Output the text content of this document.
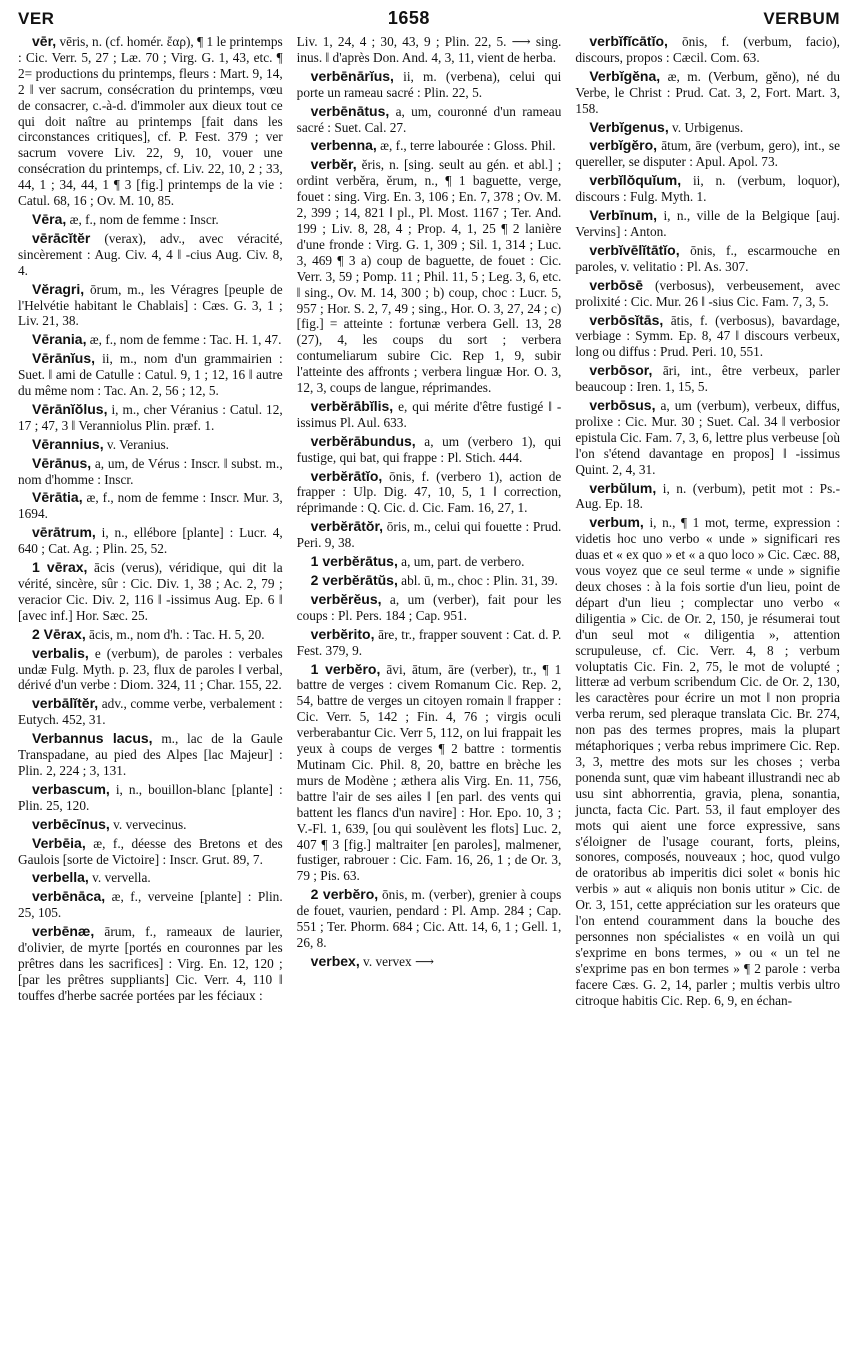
VER	1658	VERBUM

vēr, vēris, n. (cf. homér. ἔαρ), ¶ 1 le printemps : Cic. Verr. 5, 27 ; Læ. 70 ; Virg. G. 1, 43, etc. ¶ 2= productions du printemps, fleurs : Mart. 9, 14, 2 ‖ ver sacrum, consécration du printemps, vœu de consacrer, c.-à-d. d'immoler aux dieux tout ce qui doit naître au printemps [fait dans les circonstances critiques], cf. P. Fest. 379 ; ver sacrum vovere Liv. 22, 9, 10, vouer une consécration du printemps, cf. Liv. 22, 10, 2 ; 33, 44, 1 ; 34, 44, 1 ¶ 3 [fig.] printemps de la vie : Catul. 68, 16 ; Ov. M. 10, 85.

Vēra, æ, f., nom de femme : Inscr.

vērācĭtĕr (verax), adv., avec véracité, sincèrement : Aug. Civ. 4, 4 ‖ -cius Aug. Civ. 8, 4.

Vĕragri, ōrum, m., les Véragres [peuple de l'Helvétie habitant le Chablais] : Cæs. G. 3, 1 ; Liv. 21, 38.

Vērania, æ, f., nom de femme : Tac. H. 1, 47.

Vērānĭus, ii, m., nom d'un grammairien : Suet. ‖ ami de Catulle : Catul. 9, 1 ; 12, 16 ‖ autre du même nom : Tac. An. 2, 56 ; 12, 5.

Vērānĭŏlus, i, m., cher Véranius : Catul. 12, 17 ; 47, 3 ‖ Veranniolus Plin. præf. 1.

Vērannius, v. Veranius.

Vērānus, a, um, de Vérus : Inscr. ‖ subst. m., nom d'homme : Inscr.

Vērātia, æ, f., nom de femme : Inscr. Mur. 3, 1694.

vērātrum, i, n., ellébore [plante] : Lucr. 4, 640 ; Cat. Ag. ; Plin. 25, 52.

1 vērax, ācis (verus), véridique, qui dit la vérité, sincère, sûr : Cic. Div. 1, 38 ; Ac. 2, 79 ; veracior Cic. Div. 2, 116 ‖ -issimus Aug. Ep. 6 ‖ [avec inf.] Hor. Sæc. 25.

2 Vērax, ācis, m., nom d'h. : Tac. H. 5, 20.

verbalis, e (verbum), de paroles : verbales undæ Fulg. Myth. p. 23, flux de paroles ‖ verbal, dérivé d'un verbe : Diom. 324, 11 ; Char. 155, 22.

verbālĭtĕr, adv., comme verbe, verbalement : Eutych. 452, 31.

Verbannus lacus, m., lac de la Gaule Transpadane, au pied des Alpes [lac Majeur] : Plin. 2, 224 ; 3, 131.

verbascum, i, n., bouillon-blanc [plante] : Plin. 25, 120.

verbēcīnus, v. vervecinus.

Verbēia, æ, f., déesse des Bretons et des Gaulois [sorte de Victoire] : Inscr. Grut. 89, 7.

verbella, v. vervella.

verbēnāca, æ, f., verveine [plante] : Plin. 25, 105.

verbēnæ, ārum, f., rameaux de laurier, d'olivier, de myrte [portés en couronnes par les prêtres dans les sacrifices] : Virg. En. 12, 120 ; [par les prêtres suppliants] Cic. Verr. 4, 110 ‖ touffes d'herbe sacrée portées par les féciaux :

Liv. 1, 24, 4 ; 30, 43, 9 ; Plin. 22, 5. ⟶ sing. inus. ‖ d'après Don. And. 4, 3, 11, vient de herba.

verbēnārĭus, ii, m. (verbena), celui qui porte un rameau sacré : Plin. 22, 5.

verbēnātus, a, um, couronné d'un rameau sacré : Suet. Cal. 27.

verbenna, æ, f., terre labourée : Gloss. Phil.

verbĕr, ĕris, n. [sing. seult au gén. et abl.] ; ordint verbĕra, ĕrum, n., ¶ 1 baguette, verge, fouet : sing. Virg. En. 3, 106 ; En. 7, 378 ; Ov. M. 2, 399 ; 14, 821 ‖ pl., Pl. Most. 1167 ; Ter. And. 199 ; Liv. 8, 28, 4 ; Prop. 4, 1, 25 ¶ 2 lanière d'une fronde : Virg. G. 1, 309 ; Sil. 1, 314 ; Luc. 3, 469 ¶ 3 a) coup de baguette, de fouet : Cic. Verr. 3, 59 ; Pomp. 11 ; Phil. 11, 5 ; Leg. 3, 6, etc. ‖ sing., Ov. M. 14, 300 ; b) coup, choc : Lucr. 5, 957 ; Hor. S. 2, 7, 49 ; sing., Hor. O. 3, 27, 24 ; c) [fig.] = atteinte : fortunæ verbera Gell. 13, 28 (27), 4, les coups du sort ; verbera contumeliarum subire Cic. Rep 1, 9, subir l'atteinte des affronts ; verbera linguæ Hor. O. 3, 12, 3, coups de langue, réprimandes.

verbĕrābĭlis, e, qui mérite d'être fustigé ‖ -issimus Pl. Aul. 633.

verbĕrābundus, a, um (verbero 1), qui fustige, qui bat, qui frappe : Pl. Stich. 444.

verbĕrātĭo, ōnis, f. (verbero 1), action de frapper : Ulp. Dig. 47, 10, 5, 1 ‖ correction, réprimande : Q. Cic. d. Cic. Fam. 16, 27, 1.

verbĕrātŏr, ōris, m., celui qui fouette : Prud. Peri. 9, 38.

1 verbĕrātus, a, um, part. de verbero.

2 verbĕrātŭs, abl. ū, m., choc : Plin. 31, 39.

verbĕrĕus, a, um (verber), fait pour les coups : Pl. Pers. 184 ; Cap. 951.

verbĕrito, āre, tr., frapper souvent : Cat. d. P. Fest. 379, 9.

1 verbĕro, āvi, ātum, āre (verber), tr., ¶ 1 battre de verges : civem Romanum Cic. Rep. 2, 54, battre de verges un citoyen romain ‖ frapper : Cic. Verr. 5, 142 ; Fin. 4, 76 ; virgis oculi verberabantur Cic. Verr 5, 112, on lui frappait les yeux à coups de verges ¶ 2 battre : tormentis Mutinam Cic. Phil. 8, 20, battre en brèche les murs de Modène ; æthera alis Virg. En. 11, 756, battre l'air de ses ailes ‖ [en parl. des vents qui battent les flancs d'un navire] : Hor. Epo. 10, 3 ; V.-Fl. 1, 639, [ou qui soulèvent les flots] Luc. 2, 407 ¶ 3 [fig.] maltraiter [en paroles], malmener, fustiger, rabrouer : Cic. Fam. 16, 26, 1 ; de Or. 3, 79 ; Pis. 63.

2 verbĕro, ōnis, m. (verber), grenier à coups de fouet, vaurien, pendard : Pl. Amp. 284 ; Cap. 551 ; Ter. Phorm. 684 ; Cic. Att. 14, 6, 1 ; Gell. 1, 26, 8.

verbex, v. vervex ⟶

verbĭfĭcātĭo, ōnis, f. (verbum, facio), discours, propos : Cæcil. Com. 63.

Verbĭgĕna, æ, m. (Verbum, gĕno), né du Verbe, le Christ : Prud. Cat. 3, 2, Fort. Mart. 3, 158.

Verbĭgenus, v. Urbigenus.

verbĭgĕro, ātum, āre (verbum, gero), int., se quereller, se disputer : Apul. Apol. 73.

verbĭlŏquĭum, ii, n. (verbum, loquor), discours : Fulg. Myth. 1.

Verbīnum, i, n., ville de la Belgique [auj. Vervins] : Anton.

verbĭvēlĭtātĭo, ōnis, f., escarmouche en paroles, v. velitatio : Pl. As. 307.

verbōsē (verbosus), verbeusement, avec prolixité : Cic. Mur. 26 ‖ -sius Cic. Fam. 7, 3, 5.

verbōsĭtās, ātis, f. (verbosus), bavardage, verbiage : Symm. Ep. 8, 47 ‖ discours verbeux, long ou diffus : Prud. Peri. 10, 551.

verbōsor, āri, int., être verbeux, parler beaucoup : Iren. 1, 15, 5.

verbōsus, a, um (verbum), verbeux, diffus, prolixe : Cic. Mur. 30 ; Suet. Cal. 34 ‖ verbosior epistula Cic. Fam. 7, 3, 6, lettre plus verbeuse [où l'on s'étend davantage en propos] ‖ -issimus Quint. 2, 4, 31.

verbŭlum, i, n. (verbum), petit mot : Ps.-Aug. Ep. 18.

verbum, i, n., ¶ 1 mot, terme, expression : videtis hoc uno verbo « unde » significari res duas et « ex quo » et « a quo loco » Cic. Cæc. 88, vous voyez que ce seul terme « unde » signifie deux choses : à la fois sortie d'un lieu, point de départ d'un lieu ; complectar uno verbo « diligentia » Cic. de Or. 2, 150, je résumerai tout d'un seul mot « diligentia », attention scrupuleuse, cf. Cic. Verr. 4, 8 ; verbum voluptatis Cic. Fin. 2, 75, le mot de volupté ; litteræ ad verbum scribendum Cic. de Or. 2, 130, les caractères pour écrire un mot ‖ non propria verba rerum, sed pleraque translata Cic. Br. 274, non pas des termes propres, mais la plupart métaphoriques ; verba rebus imprimere Cic. Rep. 3, 3, mettre des mots sur les choses ; verba ponenda sunt, quæ vim habeant illustrandi nec ab usu sint abhorrentia, gravia, plena, sonantia, juncta, facta Cic. Part. 53, il faut employer des mots qui aient une force expressive, sans s'éloigner de l'usage courant, forts, pleins, sonores, composés, nouveaux ; hoc, quod vulgo de oratoribus ab imperitis dici solet « bonis hic verbis » aut « aliquis non bonis utitur » Cic. de Or. 3, 151, cette appréciation sur les orateurs que l'on entend couramment dans la bouche des personnes non spécialistes « en voilà un qui s'exprime en bons termes, » ou « un tel ne s'exprime pas en bon termes » ¶ 2 parole : verba facere Cæs. G. 2, 14, parler ; multis verbis ultro citroque habitis Cic. Rep. 6, 9, en échan-
